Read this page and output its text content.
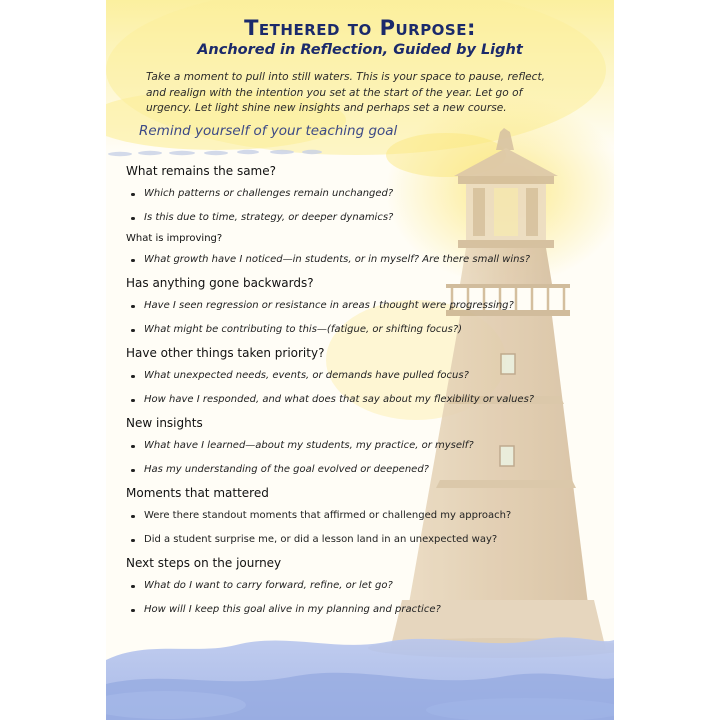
Tethered to Purpose:
Anchored in Reflection, Guided by Light

Take a moment to pull into still waters. This is your space to pause, reflect, and realign with the intention you set at the start of the year. Let go of urgency. Let light shine new insights and perhaps set a new course.

Remind yourself of your teaching goal

What remains the same?

Which patterns or challenges remain unchanged?

Is this due to time, strategy, or deeper dynamics?

What is improving?

What growth have I noticed—in students, or in myself? Are there small wins?

Has anything gone backwards?

Have I seen regression or resistance in areas I thought were progressing?

What might be contributing to this—(fatigue, or shifting focus?)

Have other things taken priority?

What unexpected needs, events, or demands have pulled focus?

How have I responded, and what does that say about my flexibility or values?

New insights

What have I learned—about my students, my practice, or myself?

Has my understanding of the goal evolved or deepened?

Moments that mattered

Were there standout moments that affirmed or challenged my approach?

Did a student surprise me, or did a lesson land in an unexpected way?

Next steps on the journey

What do I want to carry forward, refine, or let go?

How will I keep this goal alive in my planning and practice?
